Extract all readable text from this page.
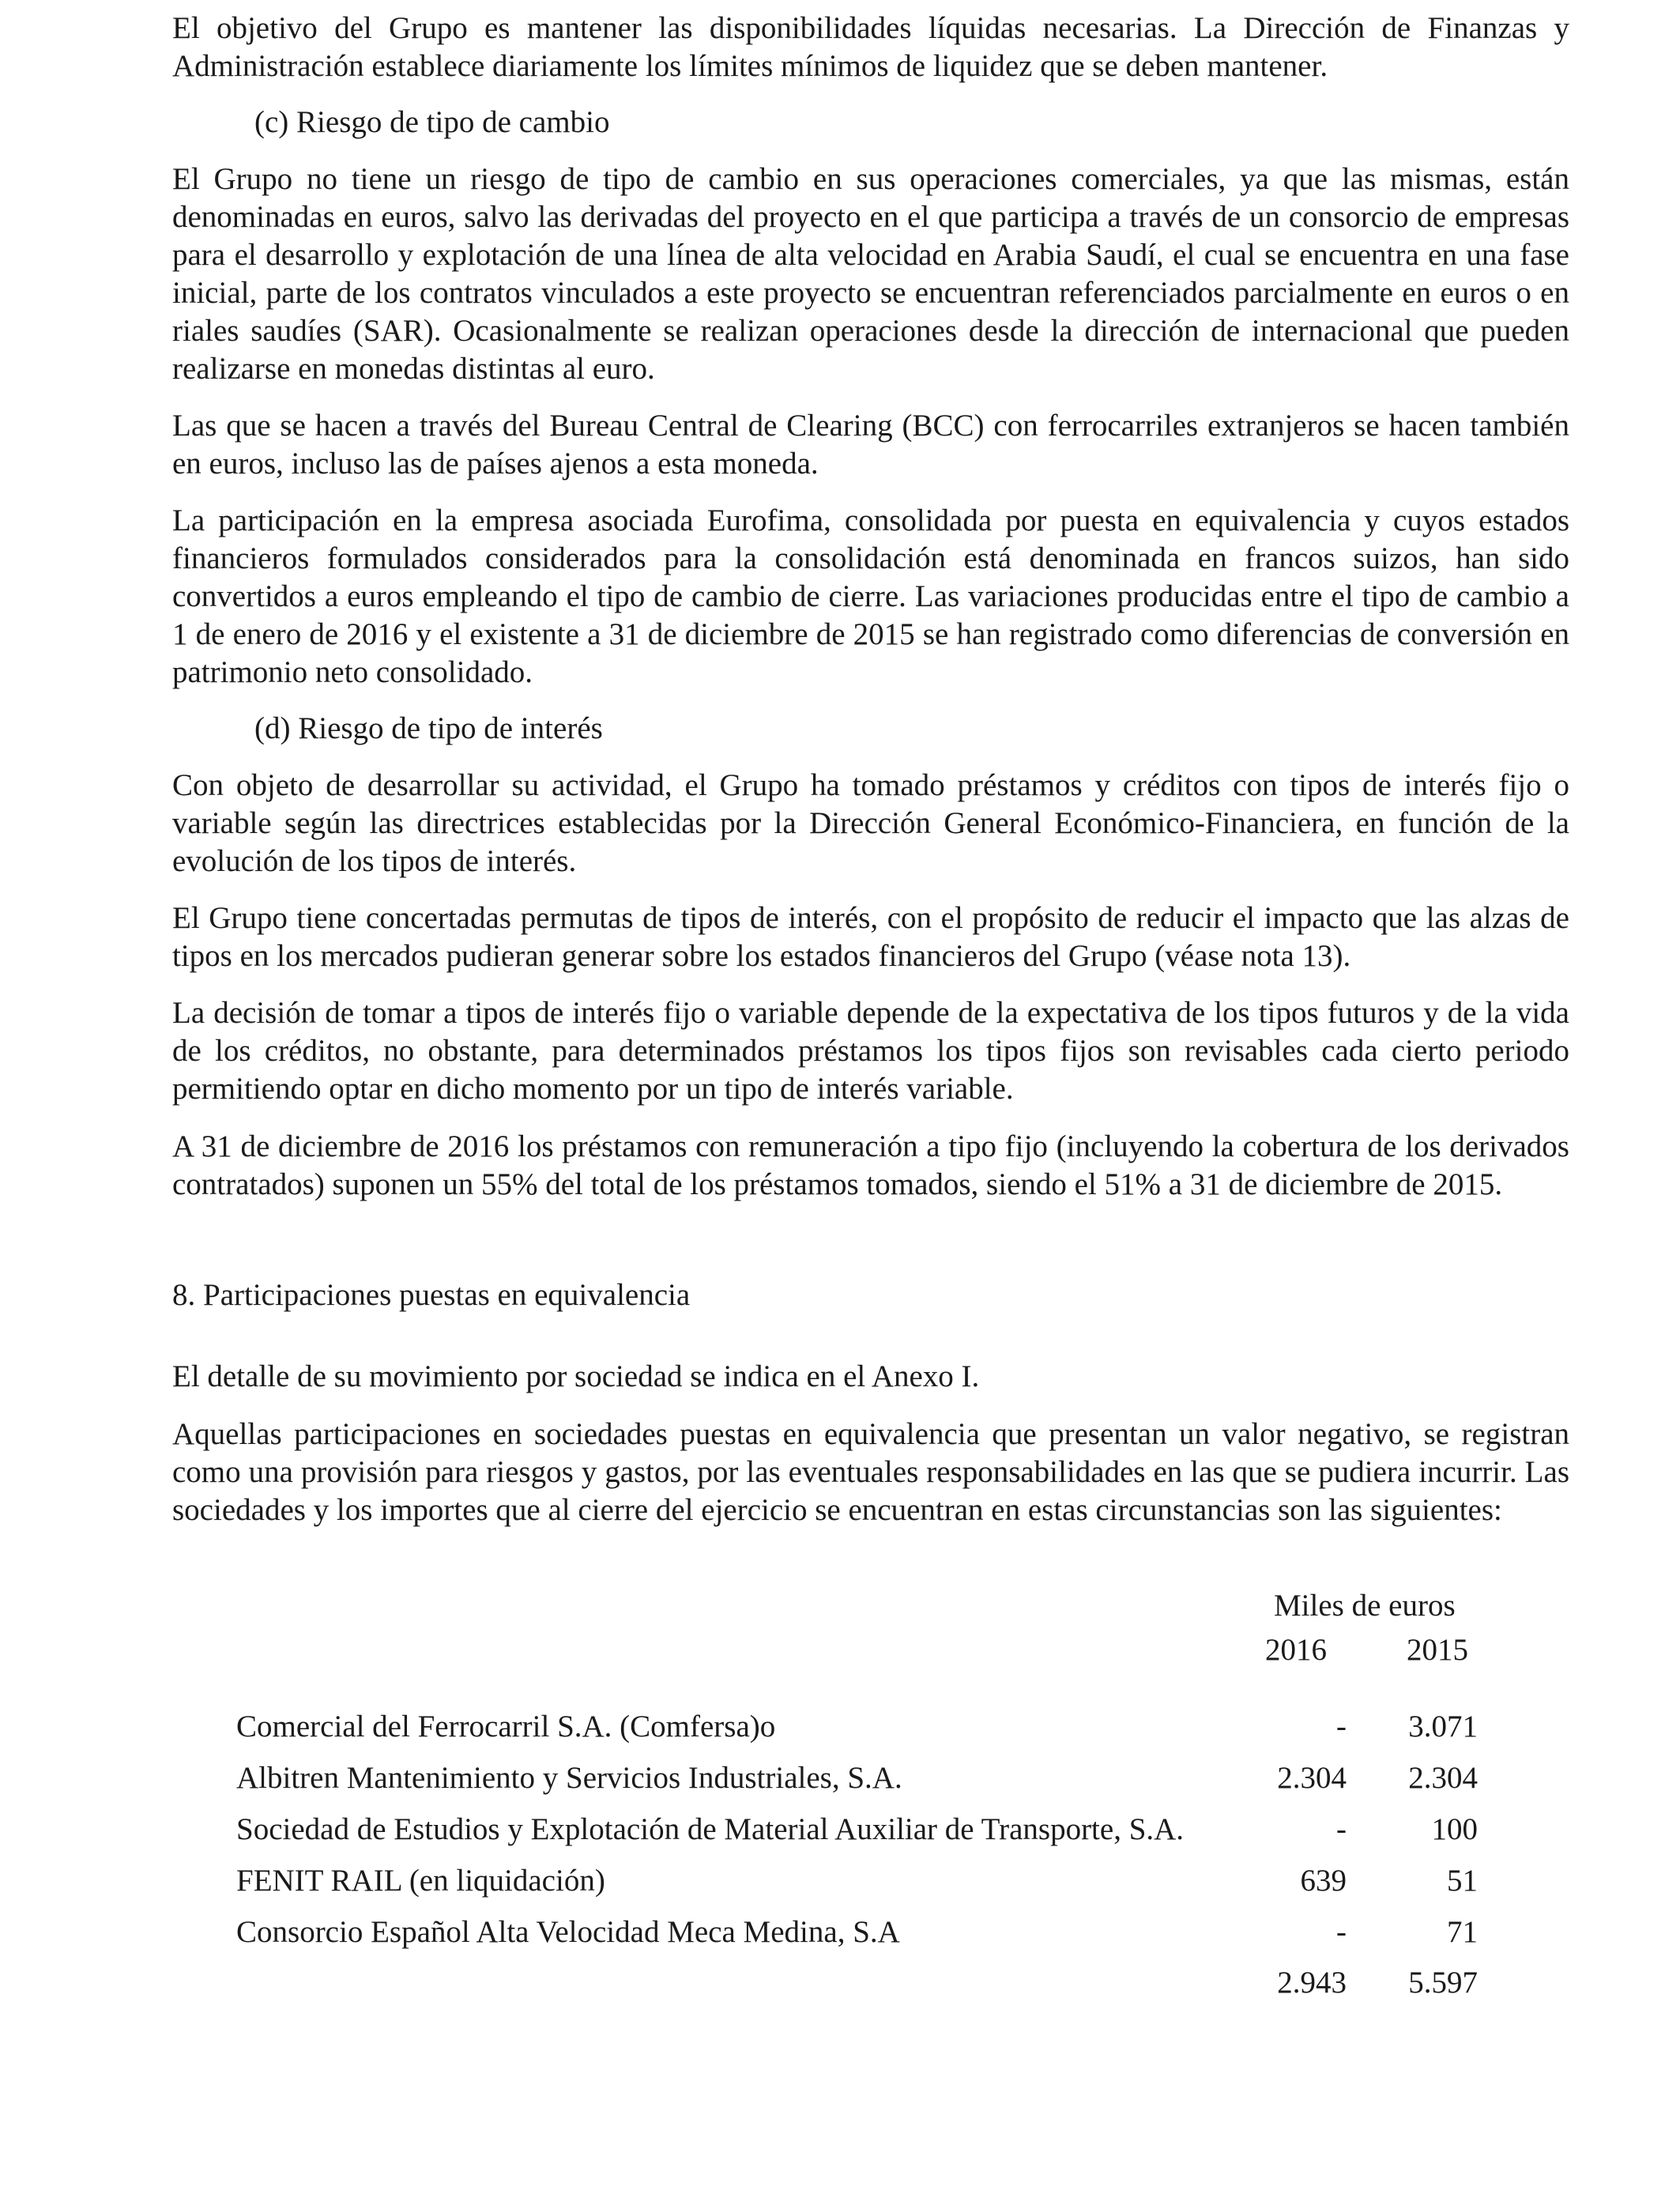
El objetivo del Grupo es mantener las disponibilidades líquidas necesarias. La Dirección de Finanzas y Administración establece diariamente los límites mínimos de liquidez que se deben mantener.

(c) Riesgo de tipo de cambio

El Grupo no tiene un riesgo de tipo de cambio en sus operaciones comerciales, ya que las mismas, están denominadas en euros, salvo las derivadas del proyecto en el que participa a través de un consorcio de empresas para el desarrollo y explotación de una línea de alta velocidad en Arabia Saudí, el cual se encuentra en una fase inicial, parte de los contratos vinculados a este proyecto se encuentran referenciados parcialmente en euros o en riales saudíes (SAR). Ocasionalmente se realizan operaciones desde la dirección de internacional que pueden realizarse en monedas distintas al euro.

Las que se hacen a través del Bureau Central de Clearing (BCC) con ferrocarriles extranjeros se hacen también en euros, incluso las de países ajenos a esta moneda.

La participación en la empresa asociada Eurofima, consolidada por puesta en equivalencia y cuyos estados financieros formulados considerados para la consolidación está denominada en francos suizos, han sido convertidos a euros empleando el tipo de cambio de cierre. Las variaciones producidas entre el tipo de cambio a 1 de enero de 2016 y el existente a 31 de diciembre de 2015 se han registrado como diferencias de conversión en patrimonio neto consolidado.

(d) Riesgo de tipo de interés

Con objeto de desarrollar su actividad, el Grupo ha tomado préstamos y créditos con tipos de interés fijo o variable según las directrices establecidas por la Dirección General Económico-Financiera, en función de la evolución de los tipos de interés.

El Grupo tiene concertadas permutas de tipos de interés, con el propósito de reducir el impacto que las alzas de tipos en los mercados pudieran generar sobre los estados financieros del Grupo (véase nota 13).

La decisión de tomar a tipos de interés fijo o variable depende de la expectativa de los tipos futuros y de la vida de los créditos, no obstante, para determinados préstamos los tipos fijos son revisables cada cierto periodo permitiendo optar en dicho momento por un tipo de interés variable.

A 31 de diciembre de 2016 los préstamos con remuneración a tipo fijo (incluyendo la cobertura de los derivados contratados) suponen un 55% del total de los préstamos tomados, siendo el 51% a 31 de diciembre de 2015.

8. Participaciones puestas en equivalencia

El detalle de su movimiento por sociedad se indica en el Anexo I.

Aquellas participaciones en sociedades puestas en equivalencia que presentan un valor negativo, se registran como una provisión para riesgos y gastos, por las eventuales responsabilidades en las que se pudiera incurrir. Las sociedades y los importes que al cierre del ejercicio se encuentran en estas circunstancias son las siguientes:

Miles de euros
2016	2015
Comercial del Ferrocarril S.A. (Comfersa)o	- 3.071
Albitren Mantenimiento y Servicios Industriales, S.A.	2.304 2.304
Sociedad de Estudios y Explotación de Material Auxiliar de Transporte, S.A.	-	100
FENIT RAIL (en liquidación)	639	51
Consorcio Español Alta Velocidad Meca Medina, S.A	-	71
2.943 5.597
